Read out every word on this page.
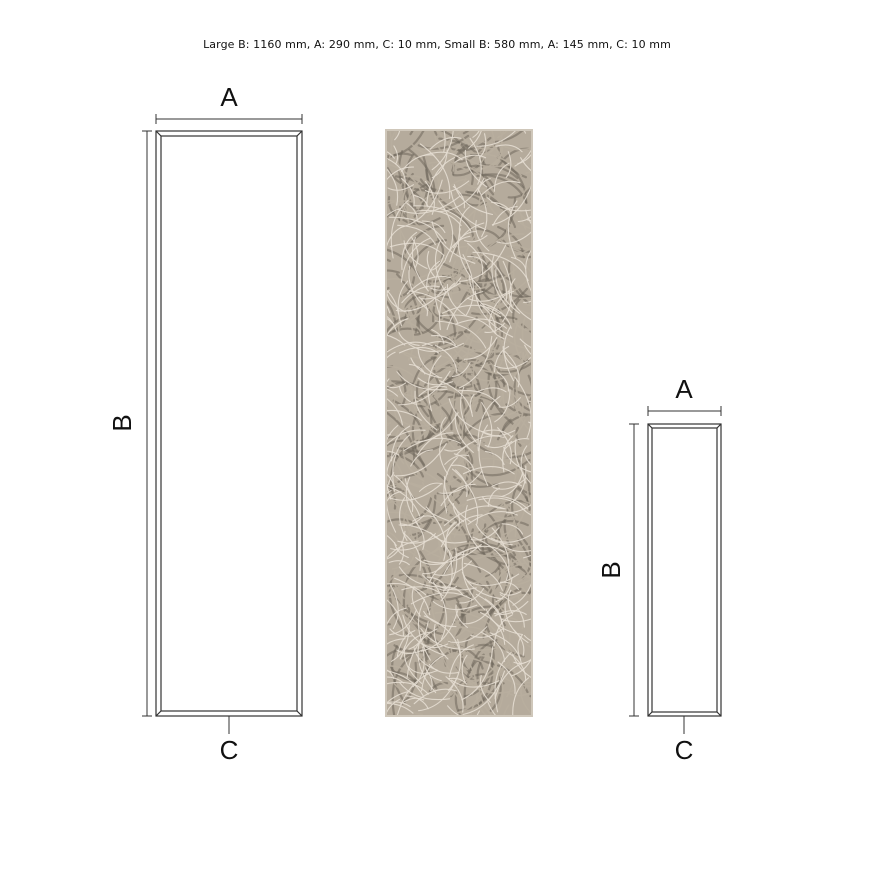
Large B: 1160 mm, A: 290 mm, C: 10 mm, Small B: 580 mm, A: 145 mm, C: 10 mm
A
B
C
A
B
C
